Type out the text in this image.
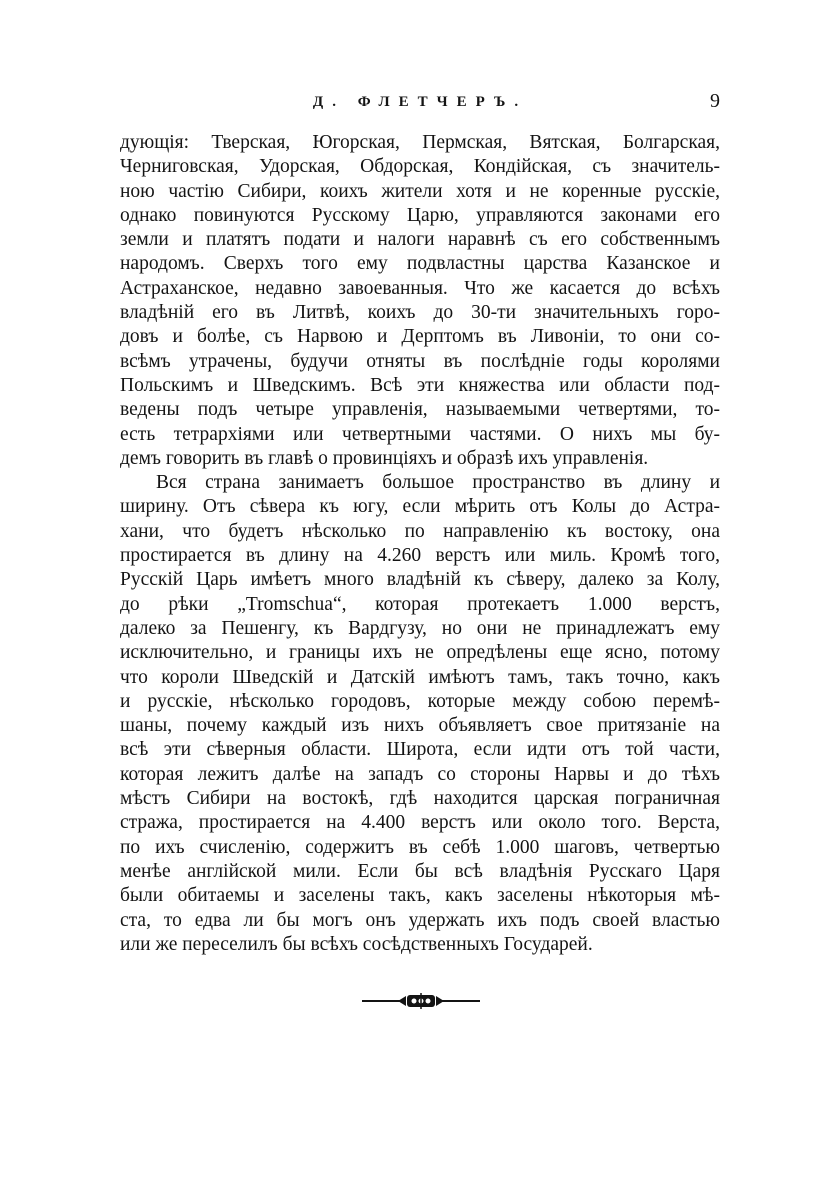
Д. ФЛЕТЧЕРЪ.	9
дующія: Тверская, Югорская, Пермская, Вятская, Болгарская,
Черниговская, Удорская, Обдорская, Кондійская, съ значитель-
ною частію Сибири, коихъ жители хотя и не коренные русскіе,
однако повинуются Русскому Царю, управляются законами его
земли и платятъ подати и налоги наравнѣ съ его собственнымъ
народомъ. Сверхъ того ему подвластны царства Казанское и
Астраханское, недавно завоеванныя. Что же касается до всѣхъ
владѣній его въ Литвѣ, коихъ до 30-ти значительныхъ горо-
довъ и болѣе, съ Нарвою и Дерптомъ въ Ливоніи, то они со-
всѣмъ утрачены, будучи отняты въ послѣдніе годы королями
Польскимъ и Шведскимъ. Всѣ эти княжества или области под-
ведены подъ четыре управленія, называемыми четвертями, то-
есть тетрархіями или четвертными частями. О нихъ мы бу-
демъ говорить въ главѣ о провинціяхъ и образѣ ихъ управленія.
Вся страна занимаетъ большое пространство въ длину и
ширину. Отъ сѣвера къ югу, если мѣрить отъ Колы до Астра-
хани, что будетъ нѣсколько по направленію къ востоку, она
простирается въ длину на 4.260 верстъ или миль. Кромѣ того,
Русскій Царь имѣетъ много владѣній къ сѣверу, далеко за Колу,
до рѣки „Tromschua“, которая протекаетъ 1.000 верстъ,
далеко за Пешенгу, къ Вардгузу, но они не принадлежатъ ему
исключительно, и границы ихъ не опредѣлены еще ясно, потому
что короли Шведскій и Датскій имѣютъ тамъ, такъ точно, какъ
и русскіе, нѣсколько городовъ, которые между собою перемѣ-
шаны, почему каждый изъ нихъ объявляетъ свое притязаніе на
всѣ эти сѣверныя области. Широта, если идти отъ той части,
которая лежитъ далѣе на западъ со стороны Нарвы и до тѣхъ
мѣстъ Сибири на востокѣ, гдѣ находится царская пограничная
стража, простирается на 4.400 верстъ или около того. Верста,
по ихъ счисленію, содержитъ въ себѣ 1.000 шаговъ, четвертью
менѣе англійской мили. Если бы всѣ владѣнія Русскаго Царя
были обитаемы и заселены такъ, какъ заселены нѣкоторыя мѣ-
ста, то едва ли бы могъ онъ удержать ихъ подъ своей властью
или же переселилъ бы всѣхъ сосѣдственныхъ Государей.
